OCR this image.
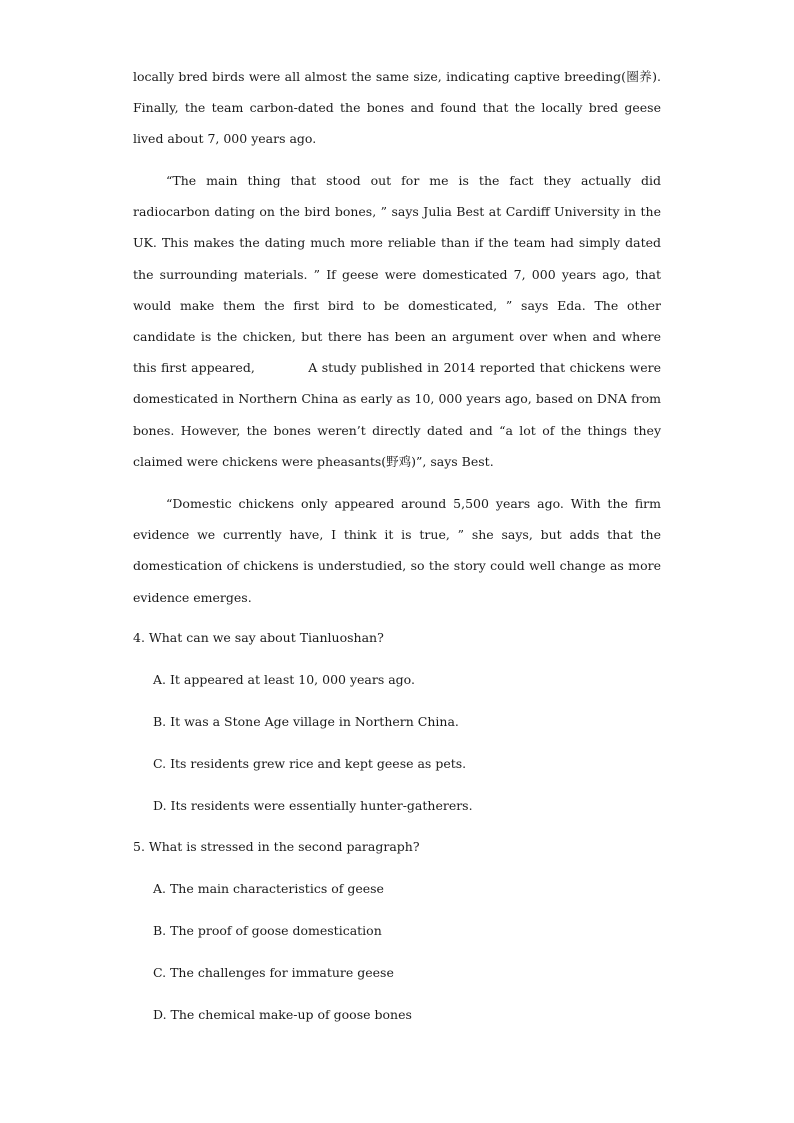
locally bred birds were all almost the same size, indicating captive breeding(圈养). Finally, the team carbon-dated the bones and found that the locally bred geese lived about 7, 000 years ago.

“The main thing that stood out for me is the fact they actually did radiocarbon dating on the bird bones, ” says Julia Best at Cardiff University in the UK. This makes the dating much more reliable than if the team had simply dated the surrounding materials. ” If geese were domesticated 7, 000 years ago, that would make them the first bird to be domesticated, ” says Eda. The other candidate is the chicken, but there has been an argument over when and where this first appeared,            A study published in 2014 reported that chickens were domesticated in Northern China as early as 10, 000 years ago, based on DNA from bones. However, the bones weren’t directly dated and “a lot of the things they claimed were chickens were pheasants(野鸡)”, says Best.

“Domestic chickens only appeared around 5,500 years ago. With the firm evidence we currently have, I think it is true, ” she says, but adds that the domestication of chickens is understudied, so the story could well change as more evidence emerges.

4. What can we say about Tianluoshan?
A. It appeared at least 10, 000 years ago.
B. It was a Stone Age village in Northern China.
C. Its residents grew rice and kept geese as pets.
D. Its residents were essentially hunter-gatherers.
5. What is stressed in the second paragraph?
A. The main characteristics of geese
B. The proof of goose domestication
C. The challenges for immature geese
D. The chemical make-up of goose bones
